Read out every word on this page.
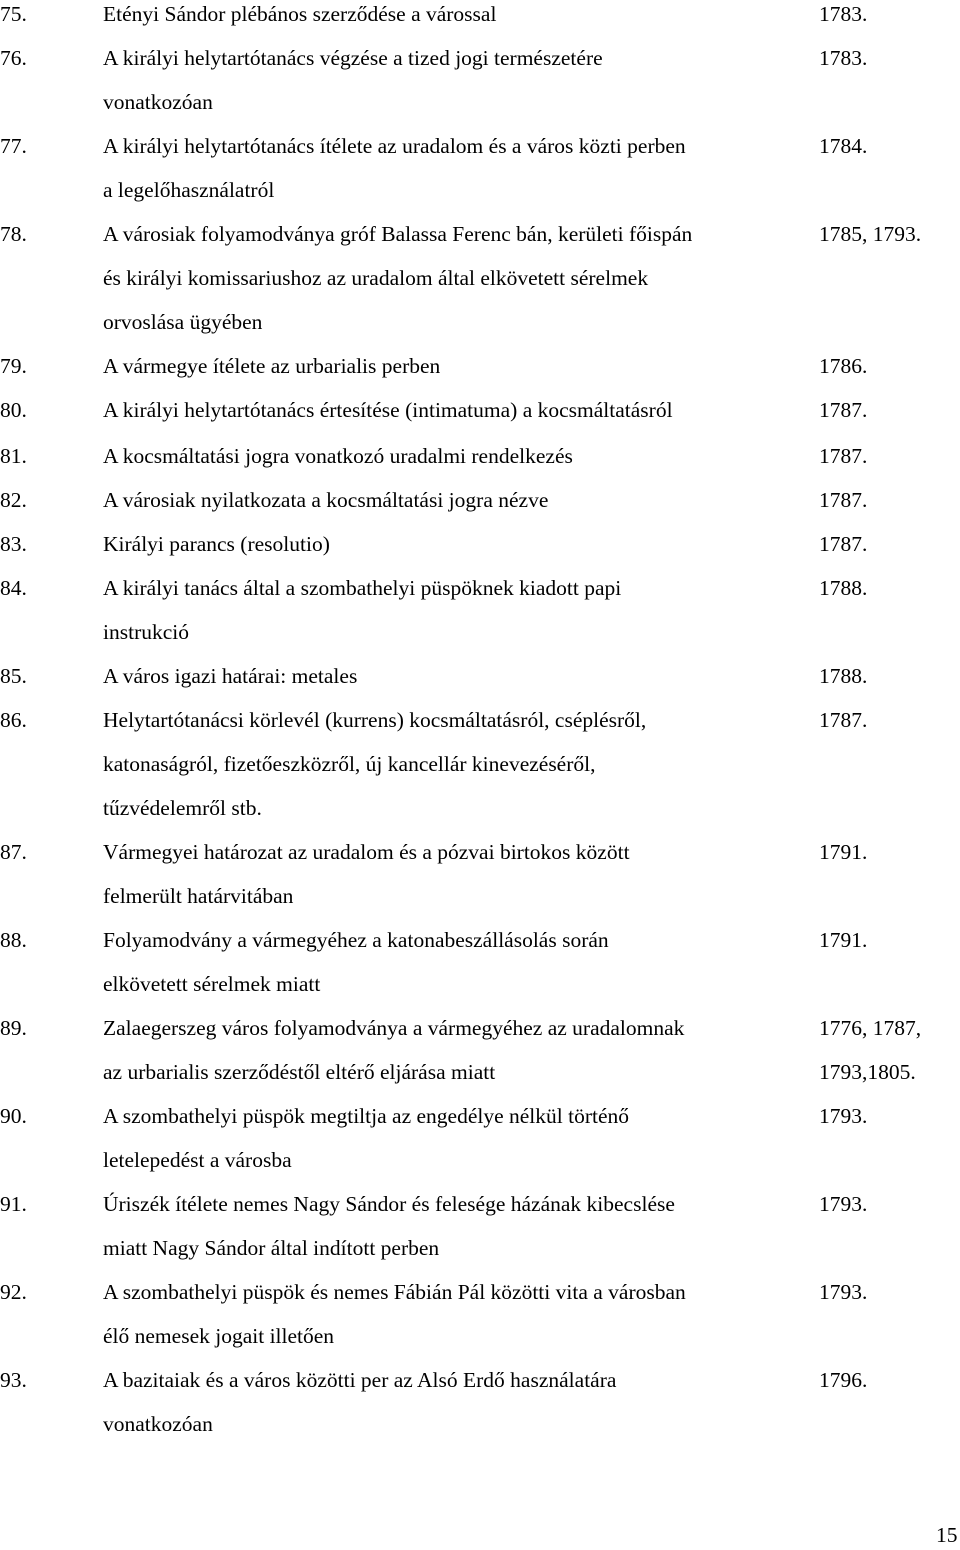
75.	Etényi Sándor plébános szerződése a várossal	1783.
76.	A királyi helytartótanács végzése a tized jogi természetére	1783.
vonatkozóan
77.	A királyi helytartótanács ítélete az uradalom és a város közti perben	1784.
a legelőhasználatról
78.	A városiak folyamodványa gróf Balassa Ferenc bán, kerületi főispán	1785, 1793.
és királyi komissariushoz az uradalom által elkövetett sérelmek
orvoslása ügyében
79.	A vármegye ítélete az urbarialis perben	1786.
80.	A királyi helytartótanács értesítése (intimatuma) a kocsmáltatásról	1787.
81.	A kocsmáltatási jogra vonatkozó uradalmi rendelkezés	1787.
82.	A városiak nyilatkozata a kocsmáltatási jogra nézve	1787.
83.	Királyi parancs (resolutio)	1787.
84.	A királyi tanács által a szombathelyi püspöknek kiadott papi	1788.
instrukció
85.	A város igazi határai: metales	1788.
86.	Helytartótanácsi körlevél (kurrens) kocsmáltatásról, cséplésről,	1787.
katonaságról, fizetőeszközről, új kancellár kinevezéséről,
tűzvédelemről stb.
87.	Vármegyei határozat az uradalom és a pózvai birtokos között	1791.
felmerült határvitában
88.	Folyamodvány a vármegyéhez a katonabeszállásolás során	1791.
elkövetett sérelmek miatt
89.	Zalaegerszeg város folyamodványa a vármegyéhez az uradalomnak	1776, 1787,
az urbarialis szerződéstől eltérő eljárása miatt	1793,1805.
90.	A szombathelyi püspök megtiltja az engedélye nélkül történő	1793.
letelepedést a városba
91.	Úriszék ítélete nemes Nagy Sándor és felesége házának kibecslése	1793.
miatt Nagy Sándor által indított perben
92.	A szombathelyi püspök és nemes Fábián Pál közötti vita a városban	1793.
élő nemesek jogait illetően
93.	A bazitaiak és a város közötti per az Alsó Erdő használatára	1796.
vonatkozóan
15
